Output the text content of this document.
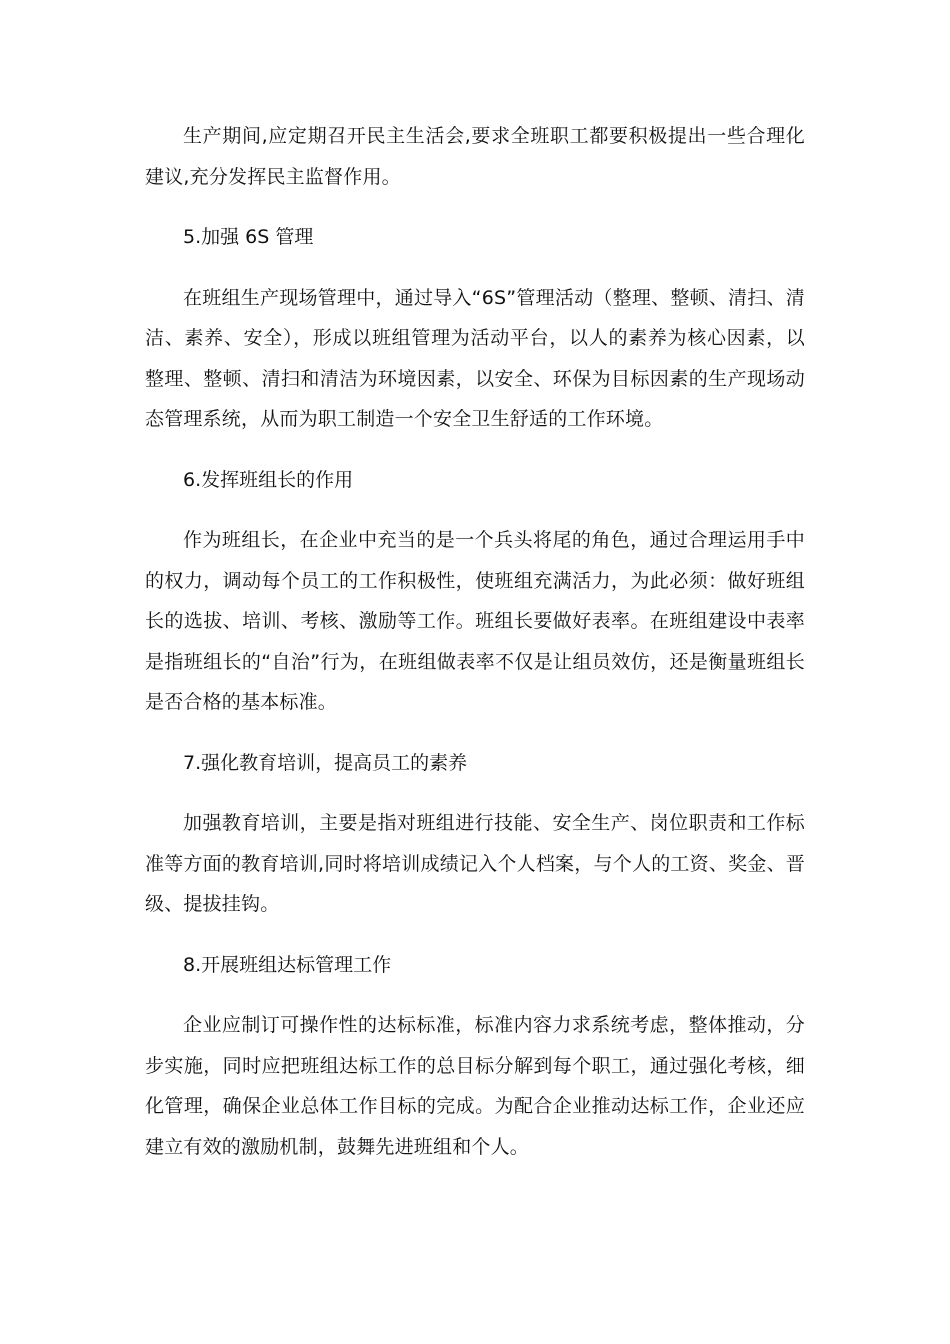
生产期间,应定期召开民主生活会,要求全班职工都要积极提出一些合理化建议,充分发挥民主监督作用。

5.加强 6S 管理

在班组生产现场管理中，通过导入“6S”管理活动（整理、整顿、清扫、清洁、素养、安全），形成以班组管理为活动平台，以人的素养为核心因素，以整理、整顿、清扫和清洁为环境因素，以安全、环保为目标因素的生产现场动态管理系统，从而为职工制造一个安全卫生舒适的工作环境。

6.发挥班组长的作用

作为班组长，在企业中充当的是一个兵头将尾的角色，通过合理运用手中的权力，调动每个员工的工作积极性，使班组充满活力，为此必须：做好班组长的选拔、培训、考核、激励等工作。班组长要做好表率。在班组建设中表率是指班组长的“自治”行为，在班组做表率不仅是让组员效仿，还是衡量班组长是否合格的基本标准。

7.强化教育培训，提高员工的素养

加强教育培训，主要是指对班组进行技能、安全生产、岗位职责和工作标准等方面的教育培训,同时将培训成绩记入个人档案，与个人的工资、奖金、晋级、提拔挂钩。

8.开展班组达标管理工作

企业应制订可操作性的达标标准，标准内容力求系统考虑，整体推动，分步实施，同时应把班组达标工作的总目标分解到每个职工，通过强化考核，细化管理，确保企业总体工作目标的完成。为配合企业推动达标工作，企业还应建立有效的激励机制，鼓舞先进班组和个人。
